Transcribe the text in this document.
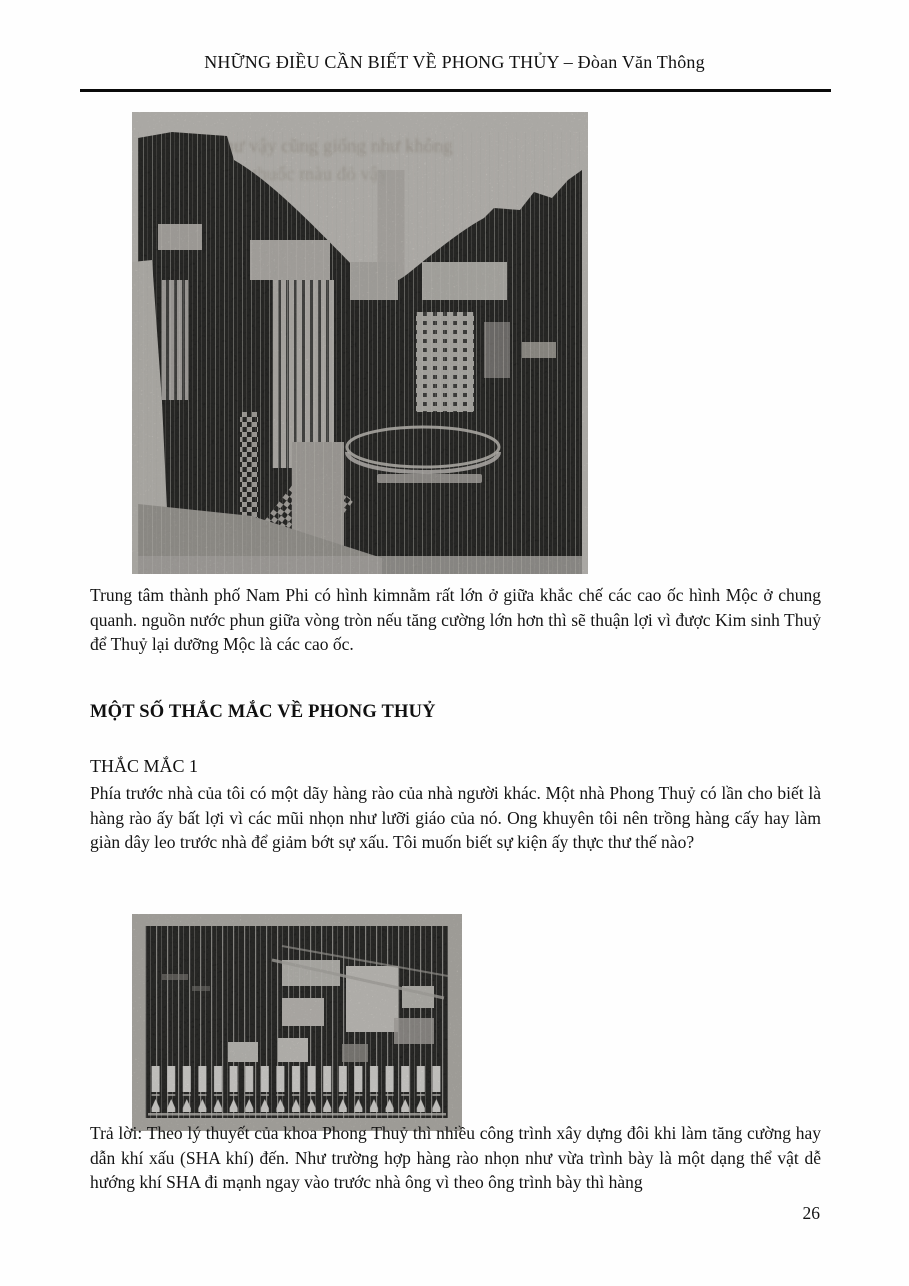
NHỮNG ĐIỀU CẦN BIẾT VỀ PHONG THỦY – Đòan Văn Thông

Trung tâm thành phố Nam Phi có hình kimnằm rất lớn ở giữa khắc chế các cao ốc hình Mộc ở chung quanh. nguồn nước phun giữa vòng tròn nếu tăng cường lớn hơn thì sẽ thuận lợi vì được Kim sinh Thuỷ để Thuỷ lại dưỡng Mộc là các cao ốc.

MỘT SỐ THẮC MẮC VỀ PHONG THUỶ
THẮC MẮC 1

Phía trước nhà của tôi có một dãy hàng rào của nhà người khác. Một nhà Phong Thuỷ có lần cho biết là hàng rào ấy bất lợi vì các mũi nhọn như lưỡi giáo của nó. Ong khuyên tôi nên trồng hàng cấy hay làm giàn dây leo trước nhà để giảm bớt sự xấu. Tôi muốn biết sự kiện ấy thực thư thế nào?

Trả lời: Theo lý thuyết của khoa Phong Thuỷ thì nhiều công trình xây dựng đôi khi làm tăng cường hay dẫn khí xấu (SHA khí) đến. Như trường hợp hàng rào nhọn như vừa trình bày là một dạng thể vật dễ hướng khí SHA đi mạnh ngay vào trước nhà ông vì theo ông trình bày thì hàng

26
